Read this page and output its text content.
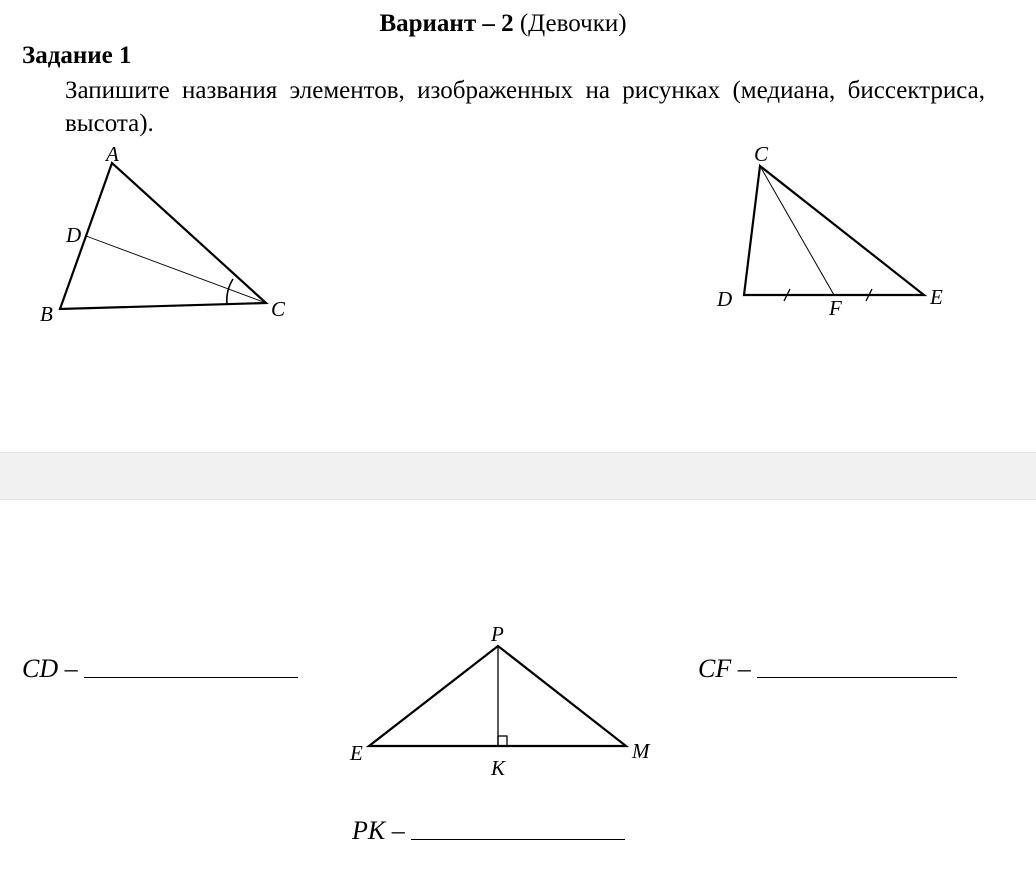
Вариант – 2 (Девочки)
Задание 1
Запишите названия элементов, изображенных на рисунках (медиана, биссектриса, высота).
A
B	C
D
C
D	E
F
P
E	M
K
CD –	CF –
PK –
